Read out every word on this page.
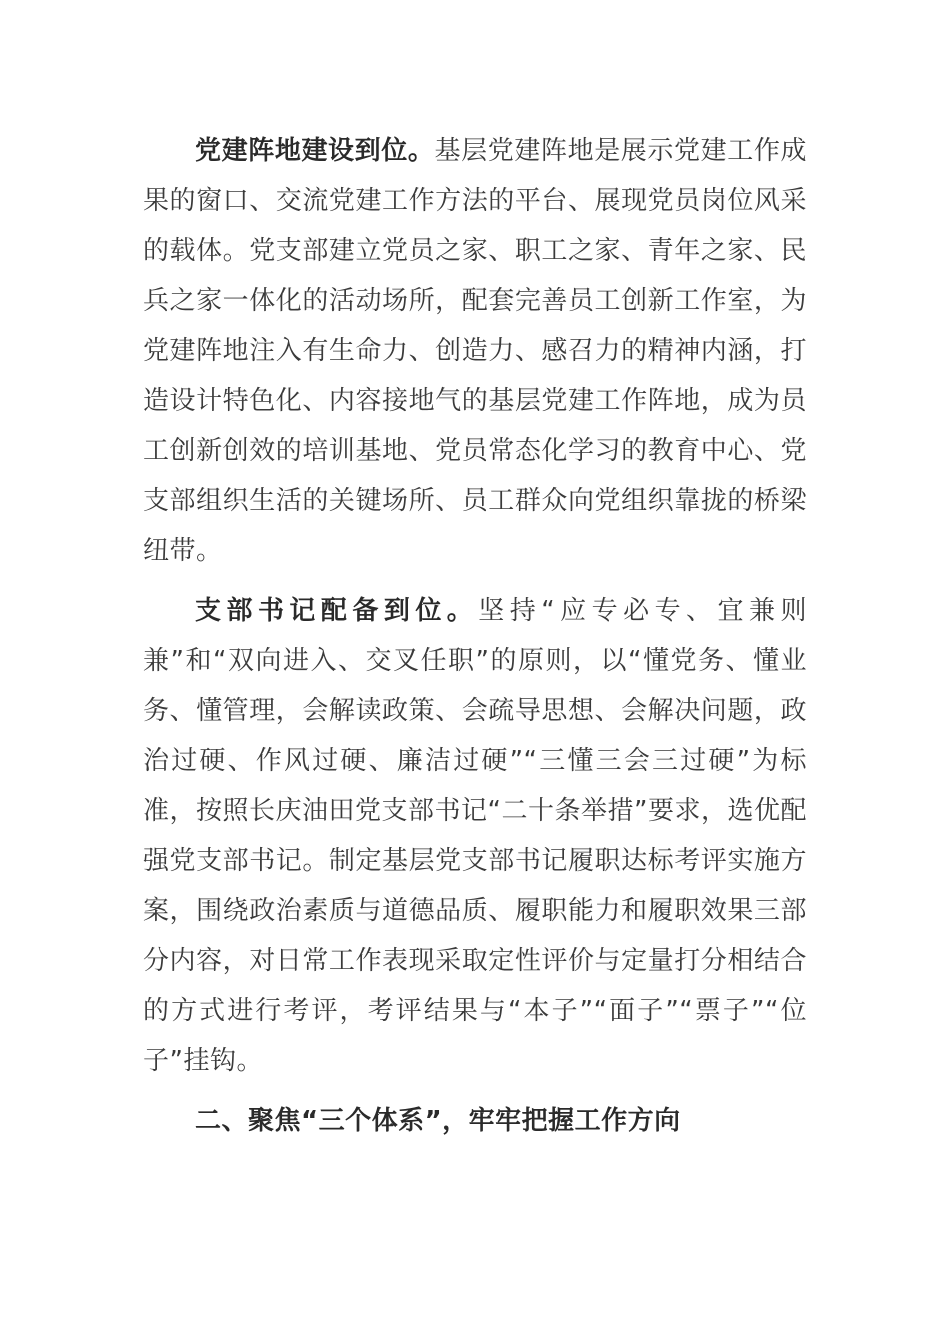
党建阵地建设到位。基层党建阵地是展示党建工作成果的窗口、交流党建工作方法的平台、展现党员岗位风采的载体。党支部建立党员之家、职工之家、青年之家、民兵之家一体化的活动场所，配套完善员工创新工作室，为党建阵地注入有生命力、创造力、感召力的精神内涵，打造设计特色化、内容接地气的基层党建工作阵地，成为员工创新创效的培训基地、党员常态化学习的教育中心、党支部组织生活的关键场所、员工群众向党组织靠拢的桥梁纽带。

支部书记配备到位。坚持“应专必专、宜兼则兼”和“双向进入、交叉任职”的原则，以“懂党务、懂业务、懂管理，会解读政策、会疏导思想、会解决问题，政治过硬、作风过硬、廉洁过硬”“三懂三会三过硬”为标准，按照长庆油田党支部书记“二十条举措”要求，选优配强党支部书记。制定基层党支部书记履职达标考评实施方案，围绕政治素质与道德品质、履职能力和履职效果三部分内容，对日常工作表现采取定性评价与定量打分相结合的方式进行考评，考评结果与“本子”“面子”“票子”“位子”挂钩。

二、聚焦“三个体系”，牢牢把握工作方向
